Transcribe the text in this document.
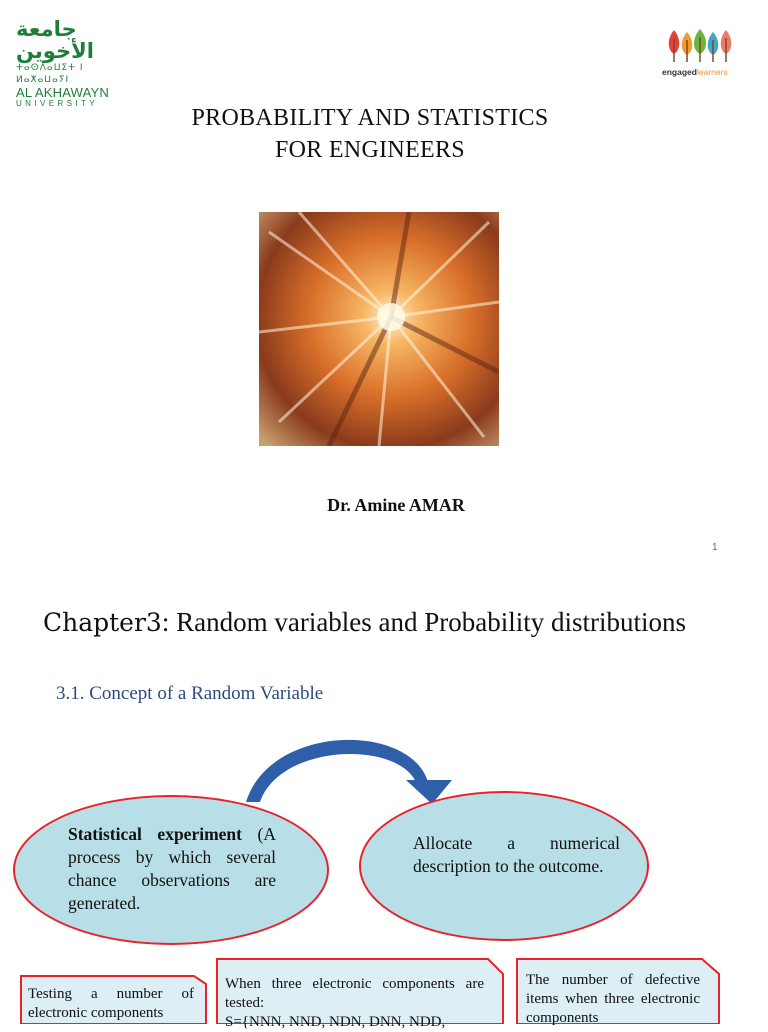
جامعة الأخوين
ⵜⴰⵙⴷⴰⵡⵉⵜ ⵏ ⵍⴰⵅⴰⵡⴰⵢⵏ
AL AKHAWAYN
UNIVERSITY
engagedlearners
PROBABILITY AND STATISTICS
FOR ENGINEERS
Dr. Amine AMAR
1
Chapter3: Random variables and Probability distributions
3.1. Concept of a Random Variable
Statistical experiment (A process by which several chance observations are generated.
Allocate a numerical description to the outcome.
Testing a number of electronic components
When three electronic components are tested:
S={NNN, NND, NDN, DNN, NDD,
The number of defective items when three electronic components
